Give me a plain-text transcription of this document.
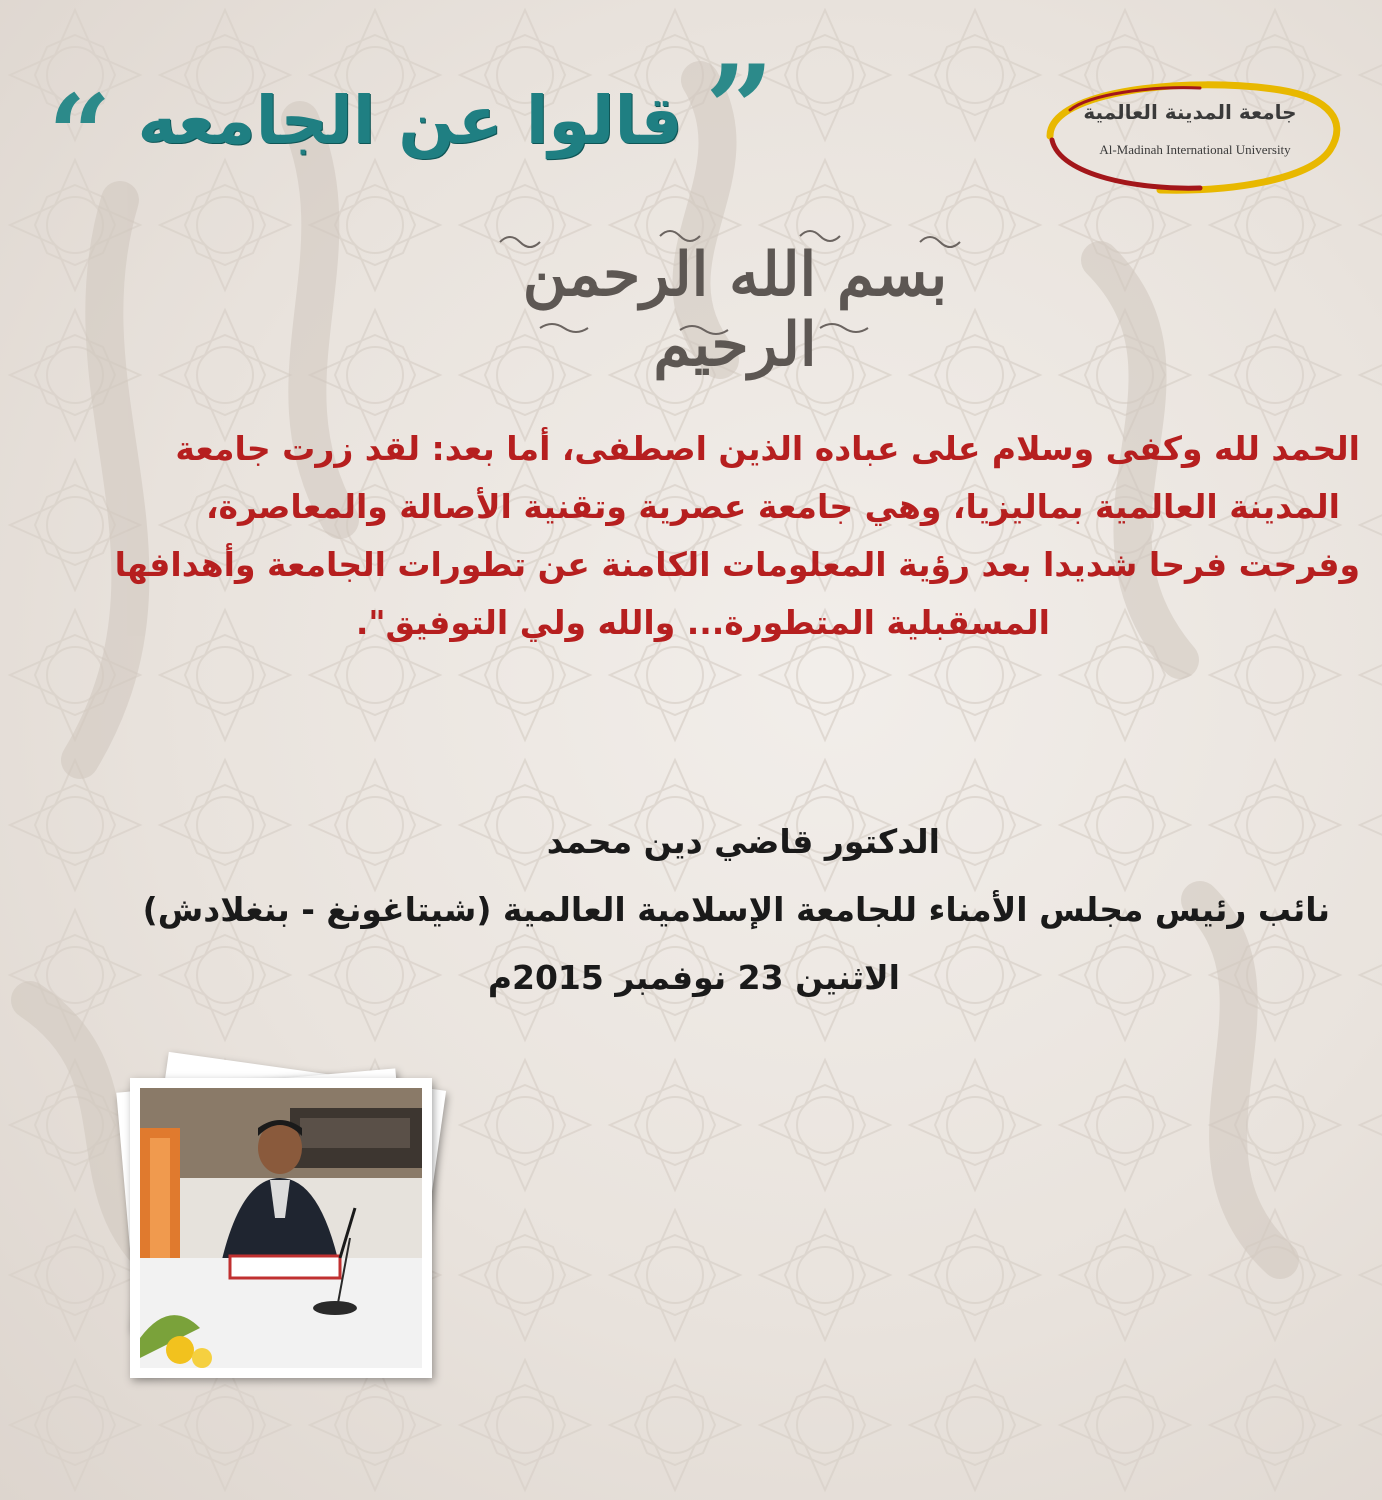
جامعة المدينة العالمية
Al-Madinah International University
”
قالوا عن الجامعه
“
بسم الله الرحمن الرحيم

الحمد لله وكفى وسلام على عباده الذين اصطفى، أما بعد: لقد زرت جامعة

المدينة العالمية بماليزيا، وهي جامعة عصرية وتقنية الأصالة والمعاصرة،

وفرحت فرحا شديدا بعد رؤية المعلومات الكامنة عن تطورات الجامعة وأهدافها

المسقبلية المتطورة... والله ولي التوفيق".

الدكتور قاضي دين محمد
نائب رئيس مجلس الأمناء للجامعة الإسلامية العالمية (شيتاغونغ - بنغلادش)
الاثنين 23 نوفمبر 2015م
